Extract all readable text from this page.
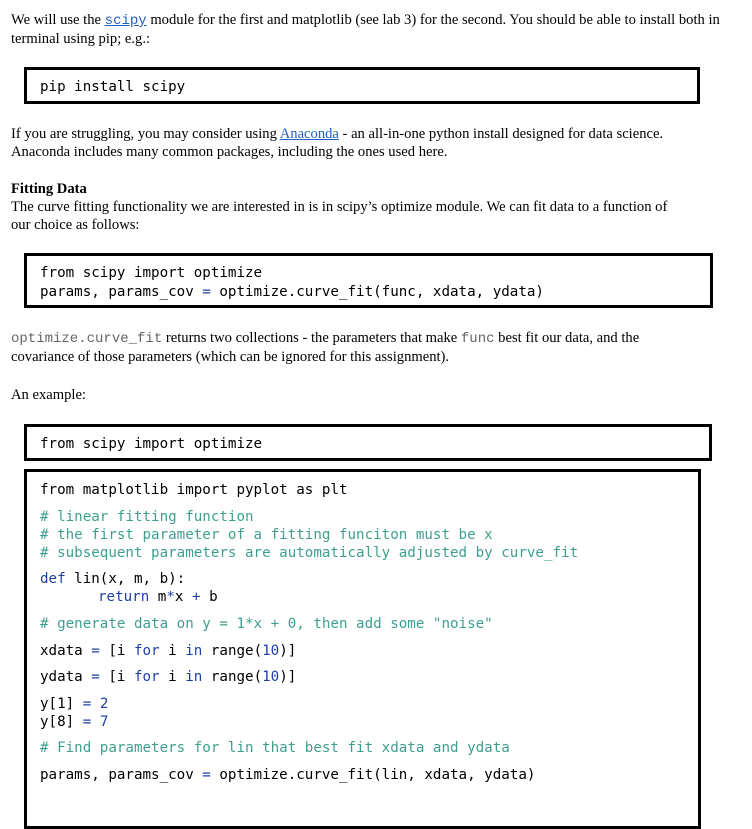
We will use the scipy module for the first and matplotlib (see lab 3) for the second. You should be able to install both in
terminal using pip; e.g.:

pip install scipy

If you are struggling, you may consider using Anaconda - an all-in-one python install designed for data science.
Anaconda includes many common packages, including the ones used here.

Fitting Data

The curve fitting functionality we are interested in is in scipy’s optimize module. We can fit data to a function of
our choice as follows:

from scipy import optimize

params, params_cov = optimize.curve_fit(func, xdata, ydata)

optimize.curve_fit returns two collections - the parameters that make func best fit our data, and the
covariance of those parameters (which can be ignored for this assignment).

An example:

from scipy import optimize

from matplotlib import pyplot as plt

# linear fitting function

# the first parameter of a fitting funciton must be x

# subsequent parameters are automatically adjusted by curve_fit

def lin(x, m, b):

return m*x + b

# generate data on y = 1*x + 0, then add some "noise"

xdata = [i for i in range(10)]

ydata = [i for i in range(10)]

y[1] = 2

y[8] = 7

# Find parameters for lin that best fit xdata and ydata

params, params_cov = optimize.curve_fit(lin, xdata, ydata)
